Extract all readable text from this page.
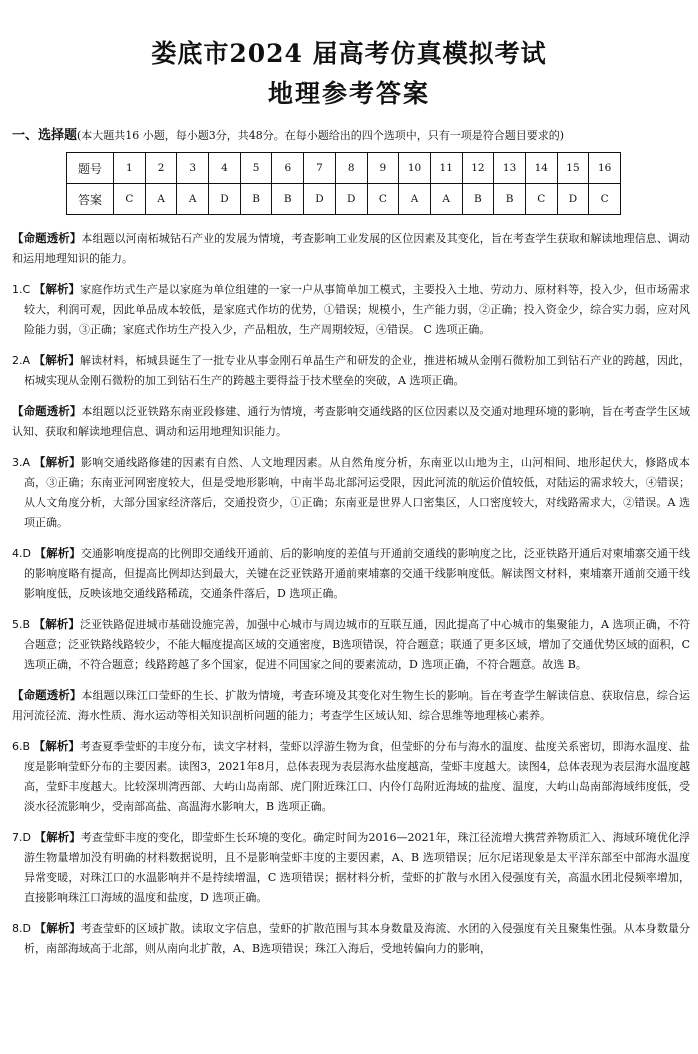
娄底市2024 届高考仿真模拟考试
地理参考答案
一、选择题(本大题共16 小题，每小题3分，共48分。在每小题给出的四个选项中，只有一项是符合题目要求的)
题号	1	2	3	4	5	6	7	8	9	10	11	12	13	14	15	16
答案	C	A	A	D	B	B	D	D	C	A	A	B	B	C	D	C

【命题透析】本组题以河南柘城钻石产业的发展为情境，考查影响工业发展的区位因素及其变化，旨在考查学生获取和解读地理信息、调动和运用地理知识的能力。

1.C 【解析】家庭作坊式生产是以家庭为单位组建的一家一户从事简单加工模式，主要投入土地、劳动力、原材料等，投入少，但市场需求较大，利润可观，因此单品成本较低，是家庭式作坊的优势，①错误；规模小，生产能力弱，②正确；投入资金少，综合实力弱，应对风险能力弱，③正确；家庭式作坊生产投入少，产品粗放，生产周期较短，④错误。 C 选项正确。

2.A 【解析】解读材料，柘城县诞生了一批专业从事金刚石单晶生产和研发的企业，推进柘城从金刚石微粉加工到钻石产业的跨越，因此，柘城实现从金刚石微粉的加工到钻石生产的跨越主要得益于技术壁垒的突破，A 选项正确。

【命题透析】本组题以泛亚铁路东南亚段修建、通行为情境，考查影响交通线路的区位因素以及交通对地理环境的影响，旨在考查学生区域认知、获取和解读地理信息、调动和运用地理知识能力。

3.A 【解析】影响交通线路修建的因素有自然、人文地理因素。从自然角度分析，东南亚以山地为主，山河相间、地形起伏大，修路成本高，③正确；东南亚河网密度较大，但是受地形影响，中南半岛北部河运受限，因此河流的航运价值较低，对陆运的需求较大，④错误；从人文角度分析，大部分国家经济落后，交通投资少，①正确；东南亚是世界人口密集区，人口密度较大，对线路需求大，②错误。A 选项正确。

4.D 【解析】交通影响度提高的比例即交通线开通前、后的影响度的差值与开通前交通线的影响度之比，泛亚铁路开通后对柬埔寨交通干线的影响度略有提高，但提高比例却达到最大，关键在泛亚铁路开通前柬埔寨的交通干线影响度低。解读图文材料，柬埔寨开通前交通干线影响度低，反映该地交通线路稀疏，交通条件落后，D 选项正确。

5.B 【解析】泛亚铁路促进城市基础设施完善，加强中心城市与周边城市的互联互通，因此提高了中心城市的集聚能力，A 选项正确，不符合题意；泛亚铁路线路较少，不能大幅度提高区域的交通密度，B选项错误，符合题意；联通了更多区域，增加了交通优势区域的面积，C 选项正确，不符合题意；线路跨越了多个国家，促进不同国家之间的要素流动，D 选项正确，不符合题意。故选 B。

【命题透析】本组题以珠江口莹虾的生长、扩散为情境，考查环境及其变化对生物生长的影响。旨在考查学生解读信息、获取信息，综合运用河流径流、海水性质、海水运动等相关知识剖析问题的能力；考查学生区域认知、综合思维等地理核心素养。

6.B 【解析】考查夏季莹虾的丰度分布，读文字材料，莹虾以浮游生物为食，但莹虾的分布与海水的温度、盐度关系密切，即海水温度、盐度是影响莹虾分布的主要因素。读图3，2021年8月，总体表现为表层海水盐度越高，莹虾丰度越大。读图4，总体表现为表层海水温度越高，莹虾丰度越大。比较深圳湾西部、大屿山岛南部、虎门附近珠江口、内伶仃岛附近海域的盐度、温度，大屿山岛南部海域纬度低，受淡水径流影响少，受南部高盐、高温海水影响大，B 选项正确。

7.D 【解析】考查莹虾丰度的变化，即莹虾生长环境的变化。确定时间为2016—2021年，珠江径流增大携营养物质汇入、海域环境优化浮游生物量增加没有明确的材料数据说明，且不是影响莹虾丰度的主要因素，A、B 选项错误；厄尔尼诺现象是太平洋东部至中部海水温度异常变暖，对珠江口的水温影响并不是持续增温，C 选项错误；据材料分析，莹虾的扩散与水团入侵强度有关，高温水团北侵频率增加，直接影响珠江口海域的温度和盐度，D 选项正确。

8.D 【解析】考查莹虾的区域扩散。读取文字信息，莹虾的扩散范围与其本身数量及海流、水团的入侵强度有关且聚集性强。从本身数量分析，南部海域高于北部，则从南向北扩散，A、B选项错误；珠江入海后，受地转偏向力的影响，
